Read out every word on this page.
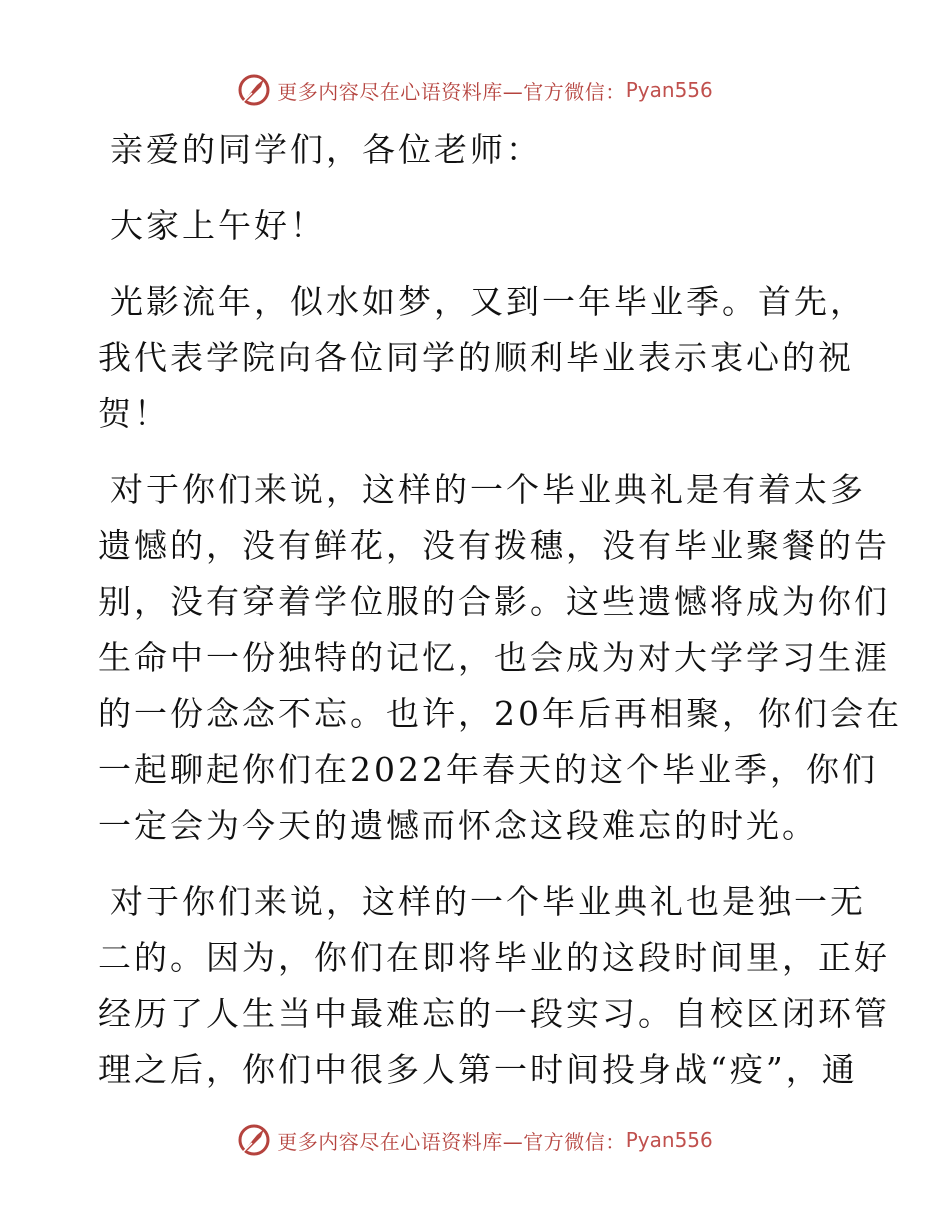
更多内容尽在心语资料库—官方微信： Pyan556
亲爱的同学们，各位老师：
大家上午好！
光影流年，似水如梦，又到一年毕业季。首先，
我代表学院向各位同学的顺利毕业表示衷心的祝
贺！
对于你们来说，这样的一个毕业典礼是有着太多
遗憾的，没有鲜花，没有拨穗，没有毕业聚餐的告
别，没有穿着学位服的合影。这些遗憾将成为你们
生命中一份独特的记忆，也会成为对大学学习生涯
的一份念念不忘。也许，20年后再相聚，你们会在
一起聊起你们在2022年春天的这个毕业季，你们
一定会为今天的遗憾而怀念这段难忘的时光。
对于你们来说，这样的一个毕业典礼也是独一无
二的。因为，你们在即将毕业的这段时间里，正好
经历了人生当中最难忘的一段实习。自校区闭环管
理之后，你们中很多人第一时间投身战“疫”，通
更多内容尽在心语资料库—官方微信： Pyan556
